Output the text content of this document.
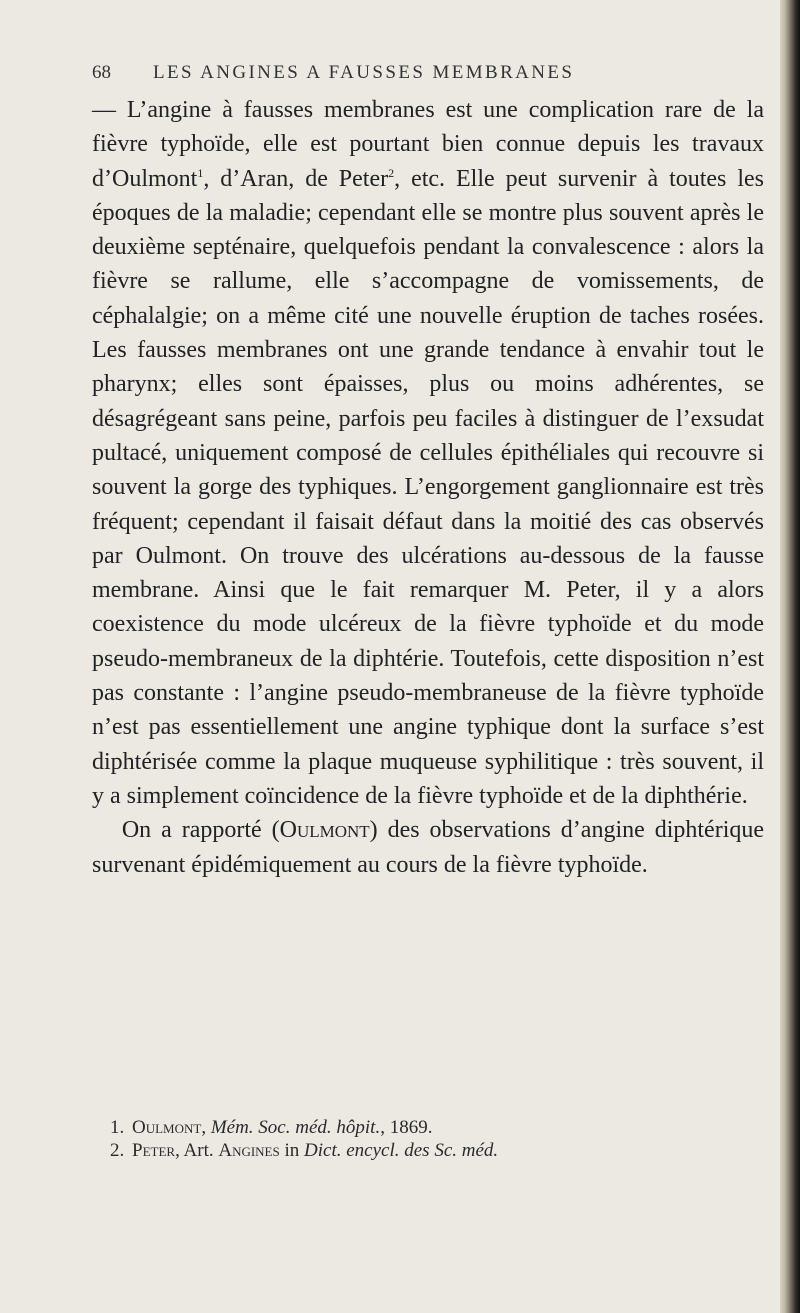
68 LES ANGINES A FAUSSES MEMBRANES

— L’angine à fausses membranes est une complication rare de la fièvre typhoïde, elle est pourtant bien connue depuis les travaux d’Oulmont$^1$, d’Aran, de Peter$^2$, etc. Elle peut survenir à toutes les époques de la maladie; cependant elle se montre plus souvent après le deuxième septénaire, quelquefois pendant la convalescence : alors la fièvre se rallume, elle s’accompagne de vomissements, de céphalalgie; on a même cité une nouvelle éruption de taches rosées. Les fausses membranes ont une grande tendance à envahir tout le pharynx; elles sont épaisses, plus ou moins adhérentes, se désagrégeant sans peine, parfois peu faciles à distinguer de l’exsudat pultacé, uniquement composé de cellules épithéliales qui recouvre si souvent la gorge des typhiques. L’engorgement ganglionnaire est très fréquent; cependant il faisait défaut dans la moitié des cas observés par Oulmont. On trouve des ulcérations au-dessous de la fausse membrane. Ainsi que le fait remarquer M. Peter, il y a alors coexistence du mode ulcéreux de la fièvre typhoïde et du mode pseudo-membraneux de la diphtérie. Toutefois, cette disposition n’est pas constante : l’angine pseudo-membraneuse de la fièvre typhoïde n’est pas essentiellement une angine typhique dont la surface s’est diphtérisée comme la plaque muqueuse syphilitique : très souvent, il y a simplement coïncidence de la fièvre typhoïde et de la diphthérie.

On a rapporté (Oulmont) des observations d’angine diphtérique survenant épidémiquement au cours de la fièvre typhoïde.

1. Oulmont, Mém. Soc. méd. hôpit., 1869.
2. Peter, Art. Angines in Dict. encycl. des Sc. méd.
